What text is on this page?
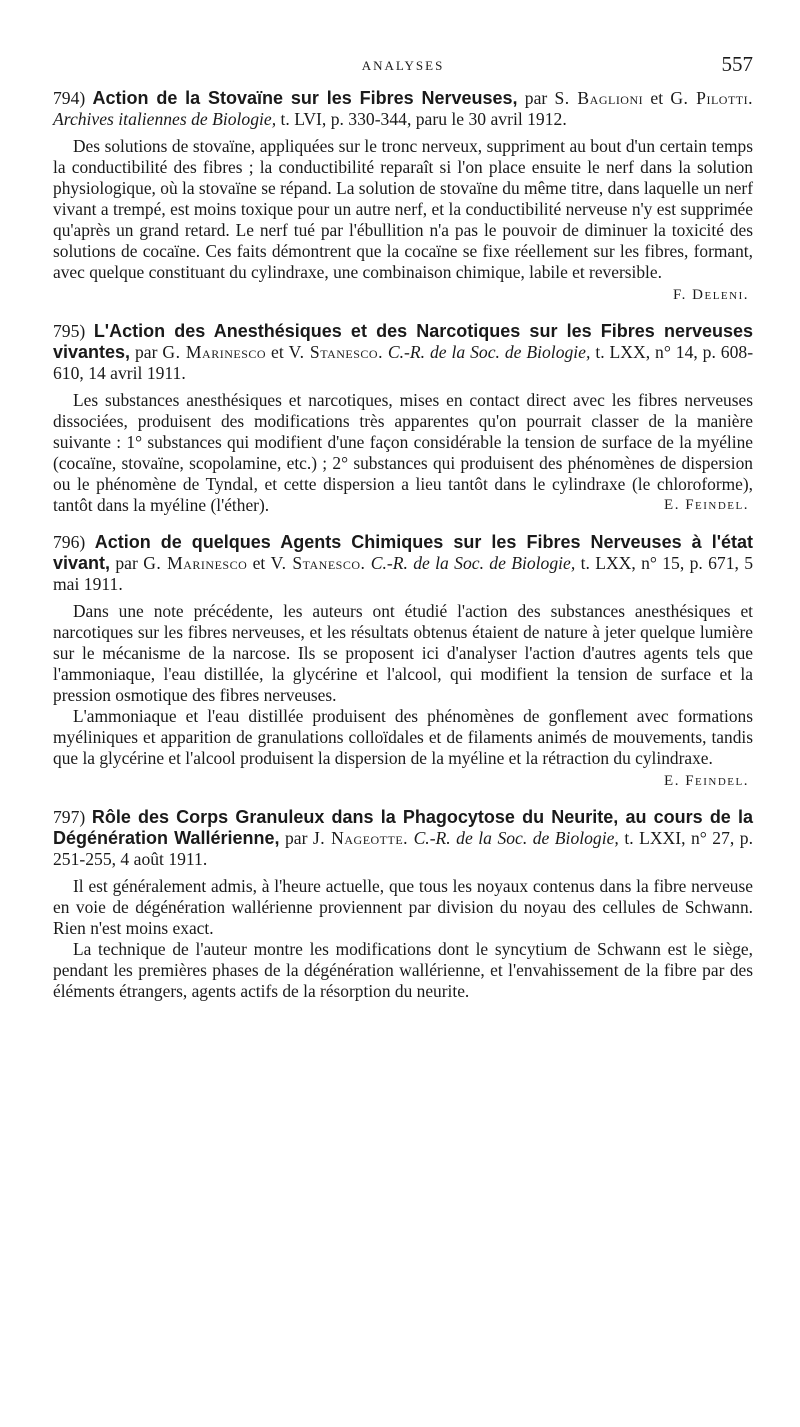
ANALYSES	557

794) Action de la Stovaïne sur les Fibres Nerveuses, par S. Baglioni et G. Pilotti. Archives italiennes de Biologie, t. LVI, p. 330-344, paru le 30 avril 1912.

Des solutions de stovaïne, appliquées sur le tronc nerveux, suppriment au bout d'un certain temps la conductibilité des fibres ; la conductibilité reparaît si l'on place ensuite le nerf dans la solution physiologique, où la stovaïne se répand. La solution de stovaïne du même titre, dans laquelle un nerf vivant a trempé, est moins toxique pour un autre nerf, et la conductibilité nerveuse n'y est supprimée qu'après un grand retard. Le nerf tué par l'ébullition n'a pas le pouvoir de diminuer la toxicité des solutions de cocaïne. Ces faits démontrent que la cocaïne se fixe réellement sur les fibres, formant, avec quelque constituant du cylindraxe, une combinaison chimique, labile et reversible.

F. Deleni.

795) L'Action des Anesthésiques et des Narcotiques sur les Fibres nerveuses vivantes, par G. Marinesco et V. Stanesco. C.-R. de la Soc. de Biologie, t. LXX, n° 14, p. 608-610, 14 avril 1911.

Les substances anesthésiques et narcotiques, mises en contact direct avec les fibres nerveuses dissociées, produisent des modifications très apparentes qu'on pourrait classer de la manière suivante : 1° substances qui modifient d'une façon considérable la tension de surface de la myéline (cocaïne, stovaïne, scopolamine, etc.) ; 2° substances qui produisent des phénomènes de dispersion ou le phénomène de Tyndal, et cette dispersion a lieu tantôt dans le cylindraxe (le chloroforme), tantôt dans la myéline (l'éther).	E. Feindel.

796) Action de quelques Agents Chimiques sur les Fibres Nerveuses à l'état vivant, par G. Marinesco et V. Stanesco. C.-R. de la Soc. de Biologie, t. LXX, n° 15, p. 671, 5 mai 1911.

Dans une note précédente, les auteurs ont étudié l'action des substances anesthésiques et narcotiques sur les fibres nerveuses, et les résultats obtenus étaient de nature à jeter quelque lumière sur le mécanisme de la narcose. Ils se proposent ici d'analyser l'action d'autres agents tels que l'ammoniaque, l'eau distillée, la glycérine et l'alcool, qui modifient la tension de surface et la pression osmotique des fibres nerveuses.

L'ammoniaque et l'eau distillée produisent des phénomènes de gonflement avec formations myéliniques et apparition de granulations colloïdales et de filaments animés de mouvements, tandis que la glycérine et l'alcool produisent la dispersion de la myéline et la rétraction du cylindraxe.

E. Feindel.

797) Rôle des Corps Granuleux dans la Phagocytose du Neurite, au cours de la Dégénération Wallérienne, par J. Nageotte. C.-R. de la Soc. de Biologie, t. LXXI, n° 27, p. 251-255, 4 août 1911.

Il est généralement admis, à l'heure actuelle, que tous les noyaux contenus dans la fibre nerveuse en voie de dégénération wallérienne proviennent par division du noyau des cellules de Schwann. Rien n'est moins exact.

La technique de l'auteur montre les modifications dont le syncytium de Schwann est le siège, pendant les premières phases de la dégénération wallérienne, et l'envahissement de la fibre par des éléments étrangers, agents actifs de la résorption du neurite.
